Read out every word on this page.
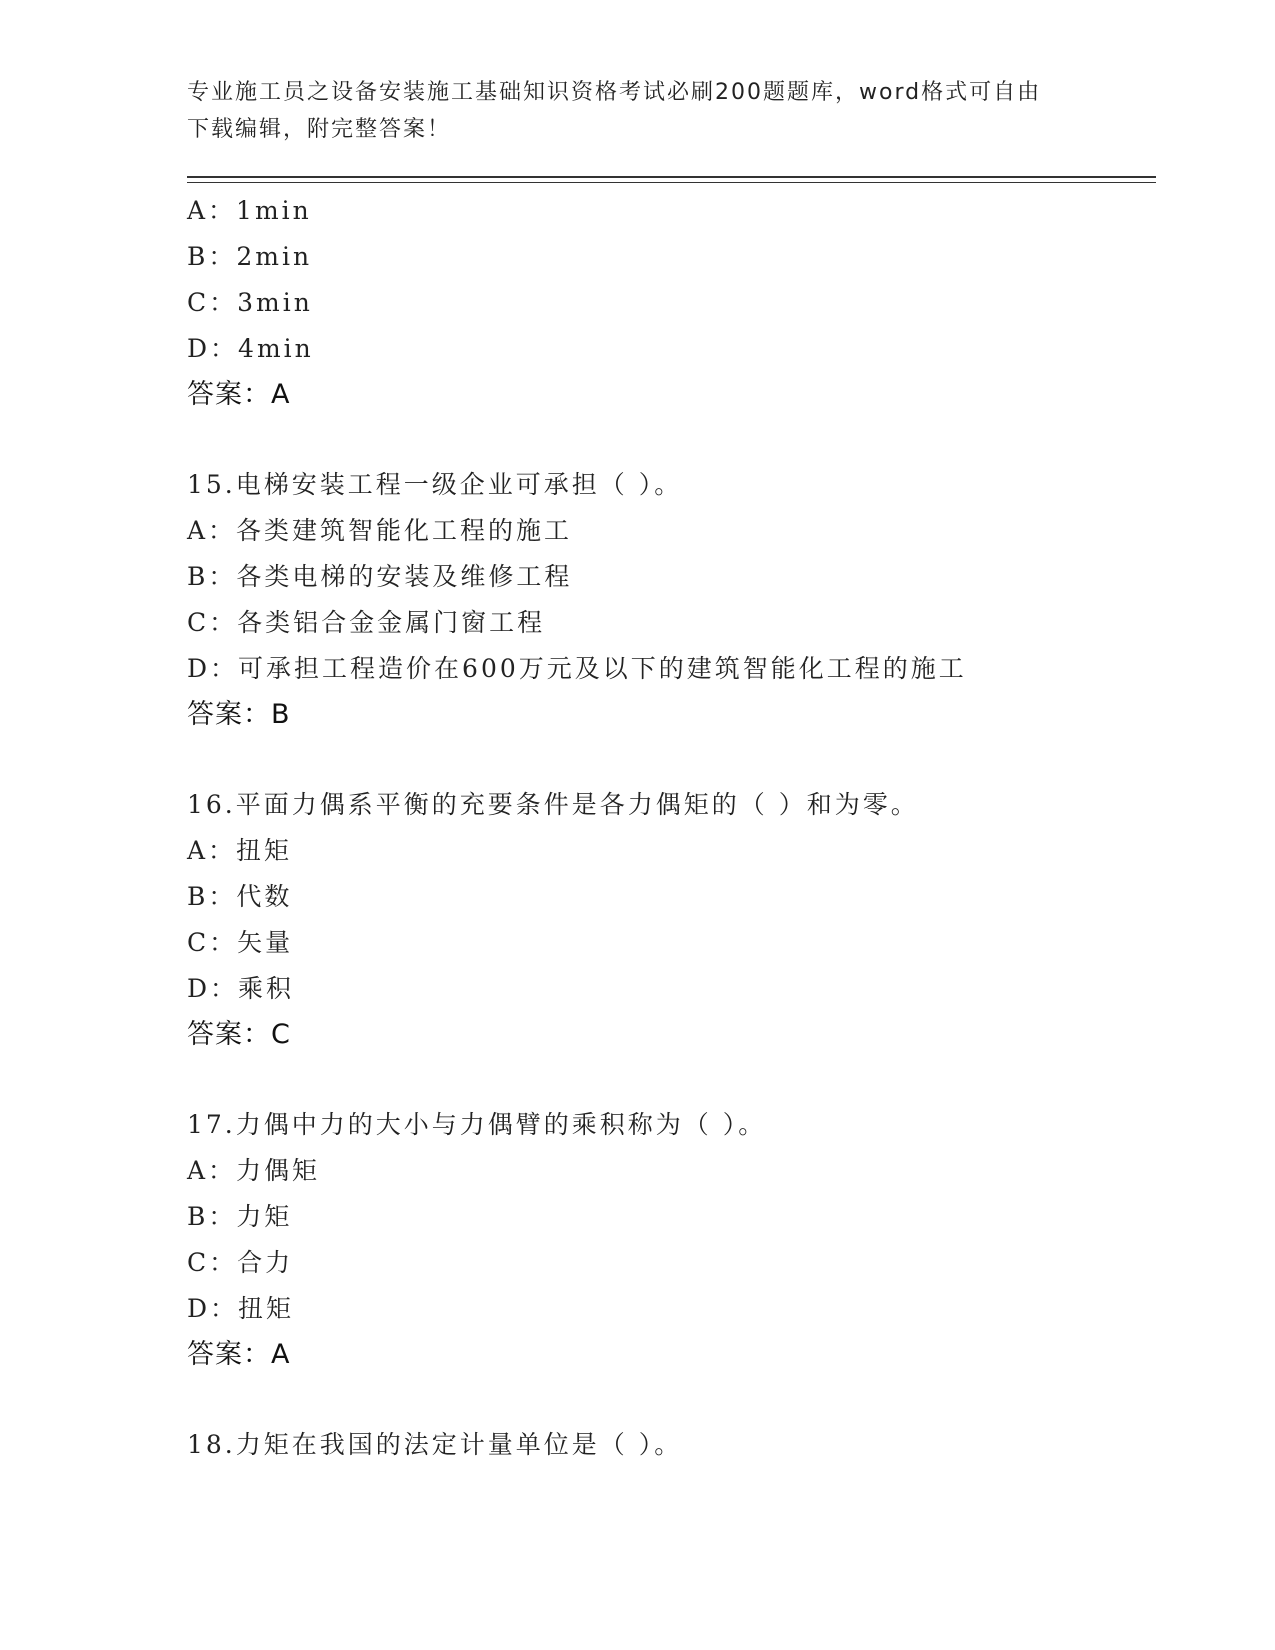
专业施工员之设备安装施工基础知识资格考试必刷200题题库，word格式可自由
下载编辑，附完整答案！
A：1min
B：2min
C：3min
D：4min
答案：A
15.电梯安装工程一级企业可承担（ ）。
A：各类建筑智能化工程的施工
B：各类电梯的安装及维修工程
C：各类铝合金金属门窗工程
D：可承担工程造价在600万元及以下的建筑智能化工程的施工
答案：B
16.平面力偶系平衡的充要条件是各力偶矩的（ ）和为零。
A：扭矩
B：代数
C：矢量
D：乘积
答案：C
17.力偶中力的大小与力偶臂的乘积称为（ ）。
A：力偶矩
B：力矩
C：合力
D：扭矩
答案：A
18.力矩在我国的法定计量单位是（ ）。
